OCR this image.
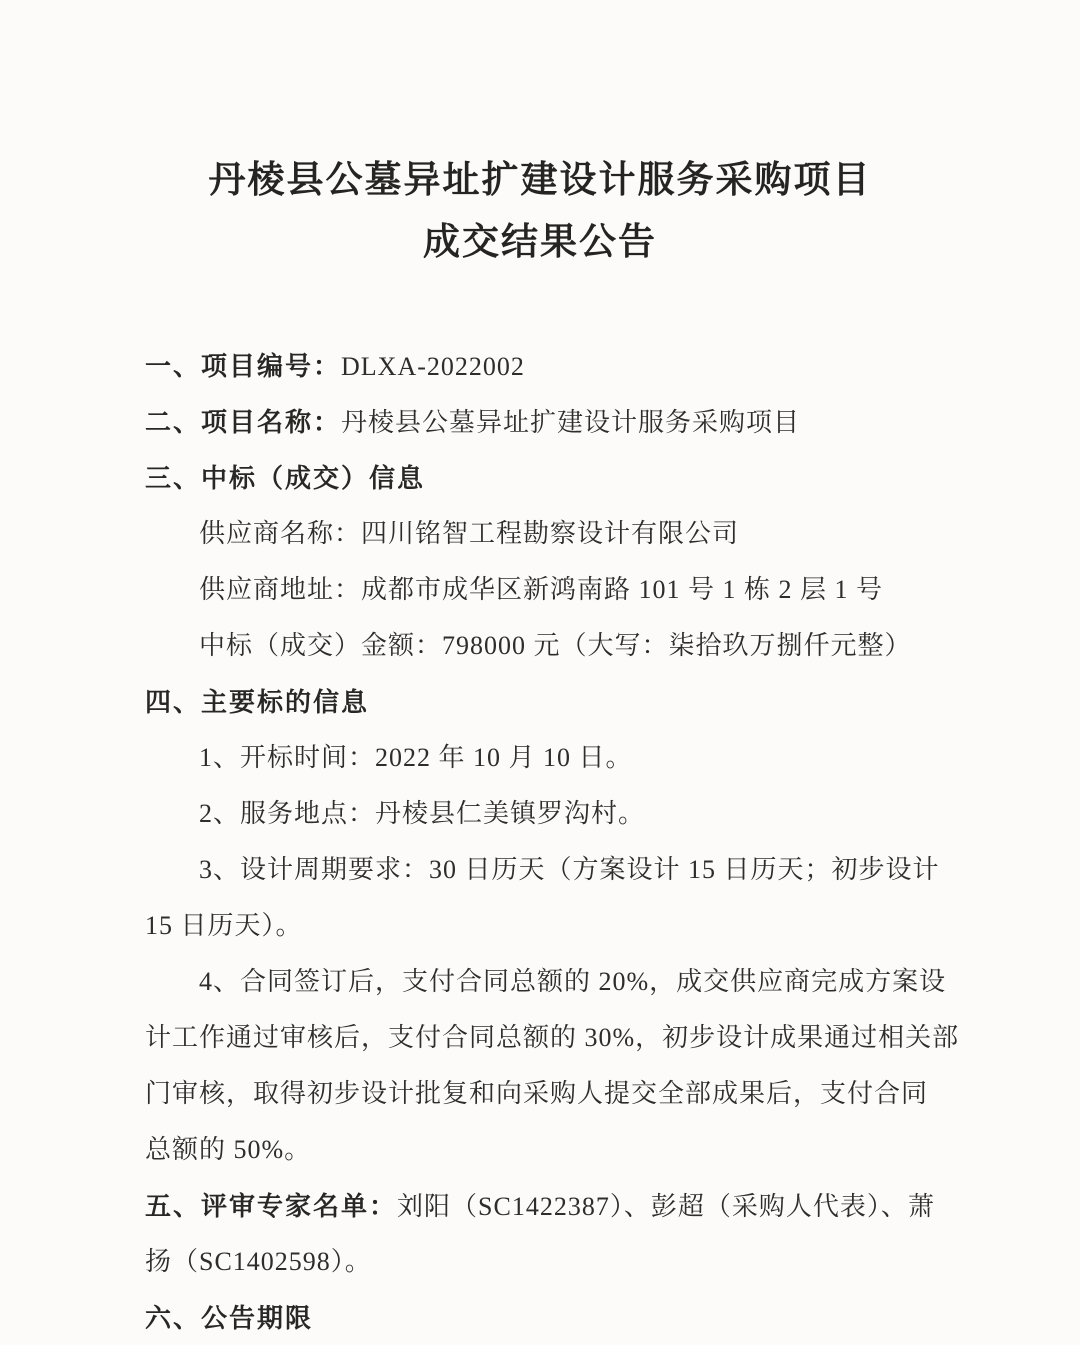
丹棱县公墓异址扩建设计服务采购项目
成交结果公告

一、项目编号：DLXA-2022002

二、项目名称：丹棱县公墓异址扩建设计服务采购项目

三、中标（成交）信息

供应商名称：四川铭智工程勘察设计有限公司

供应商地址：成都市成华区新鸿南路 101 号 1 栋 2 层 1 号

中标（成交）金额：798000 元（大写：柒拾玖万捌仟元整）

四、主要标的信息

1、开标时间：2022 年 10 月 10 日。

2、服务地点：丹棱县仁美镇罗沟村。

3、设计周期要求：30 日历天（方案设计 15 日历天；初步设计

15 日历天）。

4、合同签订后，支付合同总额的 20%，成交供应商完成方案设

计工作通过审核后，支付合同总额的 30%，初步设计成果通过相关部

门审核，取得初步设计批复和向采购人提交全部成果后，支付合同

总额的 50%。

五、评审专家名单：刘阳（SC1422387）、彭超（采购人代表）、萧

扬（SC1402598）。

六、公告期限
